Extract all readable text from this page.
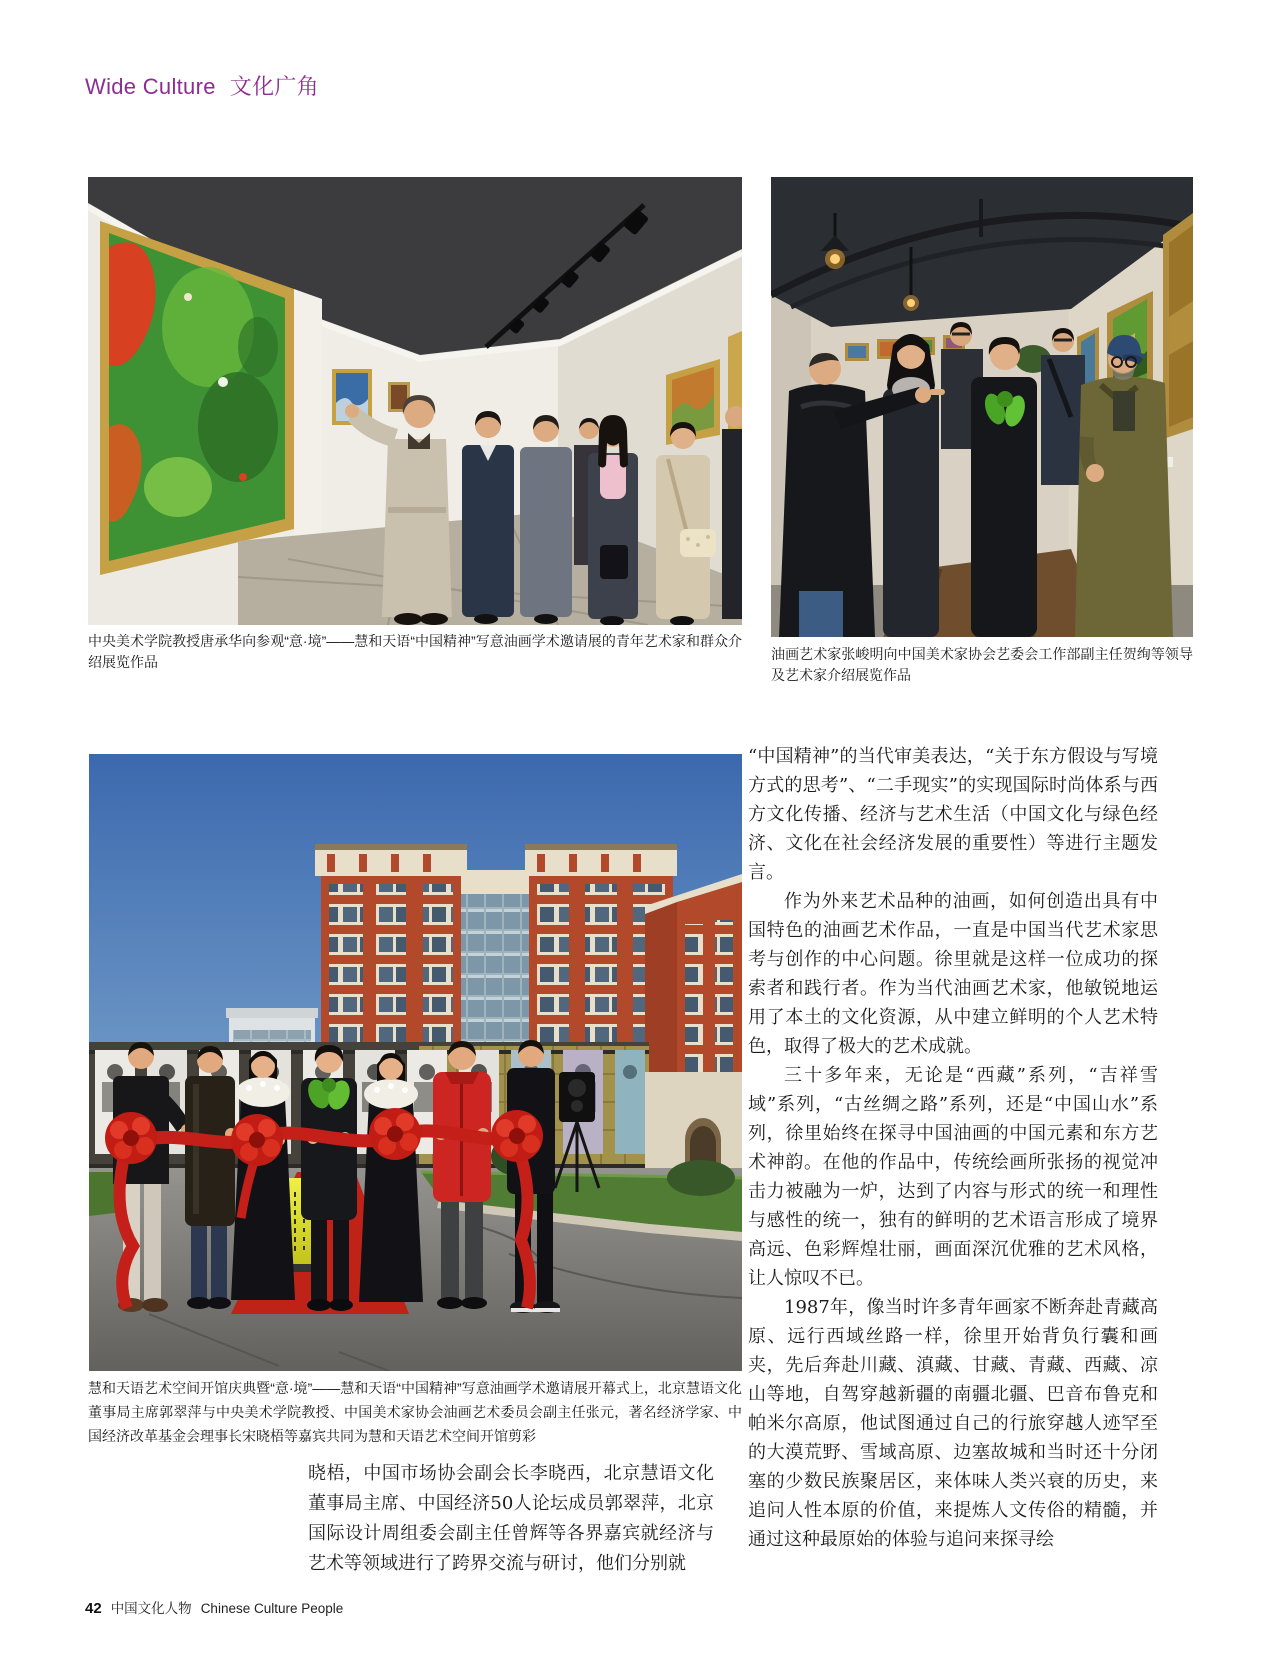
Wide Culture 文化广角
中央美术学院教授唐承华向参观“意·境”——慧和天语“中国精神”写意油画学术邀请展的青年艺术家和群众介绍展览作品	油画艺术家张峻明向中国美术家协会艺委会工作部副主任贺绚等领导及艺术家介绍展览作品
慧和天语艺术空间开馆庆典暨“意·境”——慧和天语“中国精神”写意油画学术邀请展开幕式上，北京慧语文化董事局主席郭翠萍与中央美术学院教授、中国美术家协会油画艺术委员会副主任张元，著名经济学家、中国经济改革基金会理事长宋晓梧等嘉宾共同为慧和天语艺术空间开馆剪彩

“中国精神”的当代审美表达，“关于东方假设与写境方式的思考”、“二手现实”的实现国际时尚体系与西方文化传播、经济与艺术生活（中国文化与绿色经济、文化在社会经济发展的重要性）等进行主题发言。

作为外来艺术品种的油画，如何创造出具有中国特色的油画艺术作品，一直是中国当代艺术家思考与创作的中心问题。徐里就是这样一位成功的探索者和践行者。作为当代油画艺术家，他敏锐地运用了本土的文化资源，从中建立鲜明的个人艺术特色，取得了极大的艺术成就。

三十多年来，无论是“西藏”系列，“吉祥雪域”系列，“古丝绸之路”系列，还是“中国山水”系列，徐里始终在探寻中国油画的中国元素和东方艺术神韵。在他的作品中，传统绘画所张扬的视觉冲击力被融为一炉，达到了内容与形式的统一和理性与感性的统一，独有的鲜明的艺术语言形成了境界高远、色彩辉煌壮丽，画面深沉优雅的艺术风格，让人惊叹不已。

1987年，像当时许多青年画家不断奔赴青藏高原、远行西域丝路一样，徐里开始背负行囊和画夹，先后奔赴川藏、滇藏、甘藏、青藏、西藏、凉山等地，自驾穿越新疆的南疆北疆、巴音布鲁克和帕米尔高原，他试图通过自己的行旅穿越人迹罕至的大漠荒野、雪域高原、边塞故城和当时还十分闭塞的少数民族聚居区，来体味人类兴衰的历史，来追问人性本原的价值，来提炼人文传俗的精髓，并通过这种最原始的体验与追问来探寻绘

晓梧，中国市场协会副会长李晓西，北京慧语文化董事局主席、中国经济50人论坛成员郭翠萍，北京国际设计周组委会副主任曾辉等各界嘉宾就经济与艺术等领域进行了跨界交流与研讨，他们分别就

42 中国文化人物 Chinese Culture People
